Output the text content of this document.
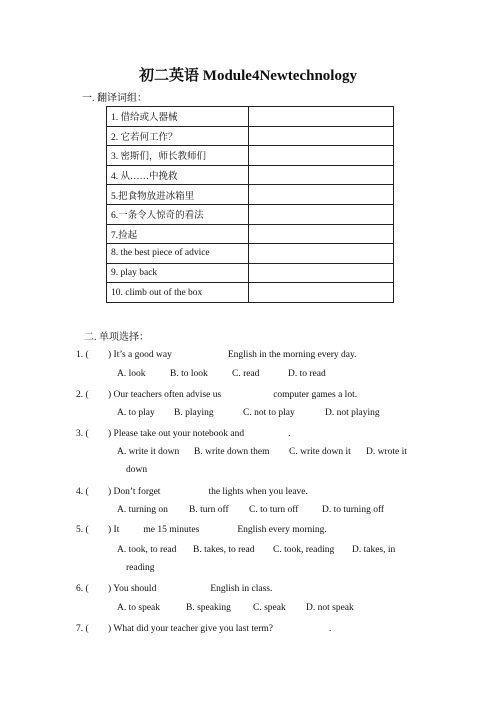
初二英语 Module4Newtechnology
一. 翻译词组：
1. 借给或人器械	
2. 它若何工作？	
3. 密斯们，师长教师们	
4. 从……中挽救	
5.把食物放进冰箱里	
6.一条令人惊奇的看法	
7.捡起	
8. the best piece of advice	
9. play back	
10. climb out of the box	
二. 单项选择：
1. ( ) It’s a good way	English in the morning every day.
A. look	B. to look	C. read	D. to read
2. ( ) Our teachers often advise us	computer games a lot.
A. to play B. playing	C. not to play	D. not playing
3. ( ) Please take out your notebook and	.
A. write it down B. write down them C. write down it D. wrote it
down
4. ( ) Don’t forget	the lights when you leave.
A. turning on B. turn off C. to turn off D. to turning off
5. ( ) It	me 15 minutes	English every morning.
A. took, to read B. takes, to read C. took, reading D. takes, in
reading
6. ( ) You should	English in class.
A. to speak	B. speaking C. speak D. not speak
7. ( ) What did your teacher give you last term?	.
